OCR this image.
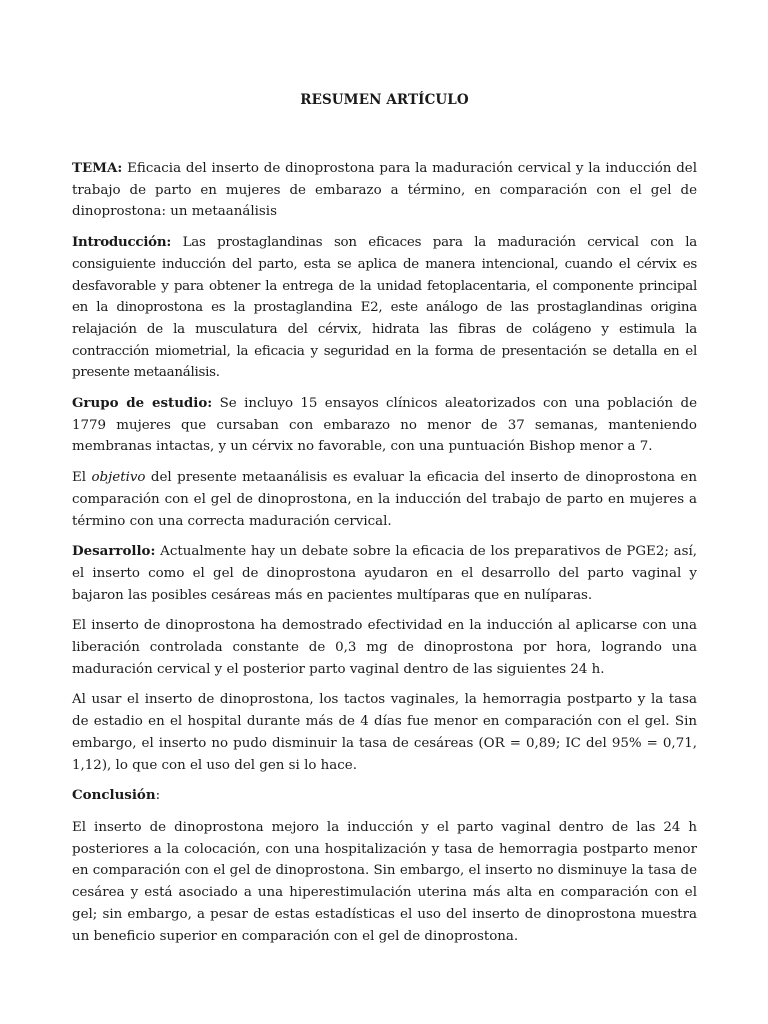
RESUMEN ARTÍCULO

TEMA: Eficacia del inserto de dinoprostona para la maduración cervical y la inducción del trabajo de parto en mujeres de embarazo a término, en comparación con el gel de dinoprostona: un metaanálisis

Introducción: Las prostaglandinas son eficaces para la maduración cervical con la consiguiente inducción del parto, esta se aplica de manera intencional, cuando el cérvix es desfavorable y para obtener la entrega de la unidad fetoplacentaria, el componente principal en la dinoprostona es la prostaglandina E2, este análogo de las prostaglandinas origina relajación de la musculatura del cérvix, hidrata las fibras de colágeno y estimula la contracción miometrial, la eficacia y seguridad en la forma de presentación se detalla en el presente metaanálisis.

Grupo de estudio: Se incluyo 15 ensayos clínicos aleatorizados con una población de 1779 mujeres que cursaban con embarazo no menor de 37 semanas, manteniendo membranas intactas, y un cérvix no favorable, con una puntuación Bishop menor a 7.

El objetivo del presente metaanálisis es evaluar la eficacia del inserto de dinoprostona en comparación con el gel de dinoprostona, en la inducción del trabajo de parto en mujeres a término con una correcta maduración cervical.

Desarrollo: Actualmente hay un debate sobre la eficacia de los preparativos de PGE2; así, el inserto como el gel de dinoprostona ayudaron en el desarrollo del parto vaginal y bajaron las posibles cesáreas más en pacientes multíparas que en nulíparas.

El inserto de dinoprostona ha demostrado efectividad en la inducción al aplicarse con una liberación controlada constante de 0,3 mg de dinoprostona por hora, logrando una maduración cervical y el posterior parto vaginal dentro de las siguientes 24 h.

Al usar el inserto de dinoprostona, los tactos vaginales, la hemorragia postparto y la tasa de estadio en el hospital durante más de 4 días fue menor en comparación con el gel. Sin embargo, el inserto no pudo disminuir la tasa de cesáreas (OR = 0,89; IC del 95% = 0,71, 1,12), lo que con el uso del gen si lo hace.

Conclusión:

El inserto de dinoprostona mejoro la inducción y el parto vaginal dentro de las 24 h posteriores a la colocación, con una hospitalización y tasa de hemorragia postparto menor en comparación con el gel de dinoprostona. Sin embargo, el inserto no disminuye la tasa de cesárea y está asociado a una hiperestimulación uterina más alta en comparación con el gel; sin embargo, a pesar de estas estadísticas el uso del inserto de dinoprostona muestra un beneficio superior en comparación con el gel de dinoprostona.
